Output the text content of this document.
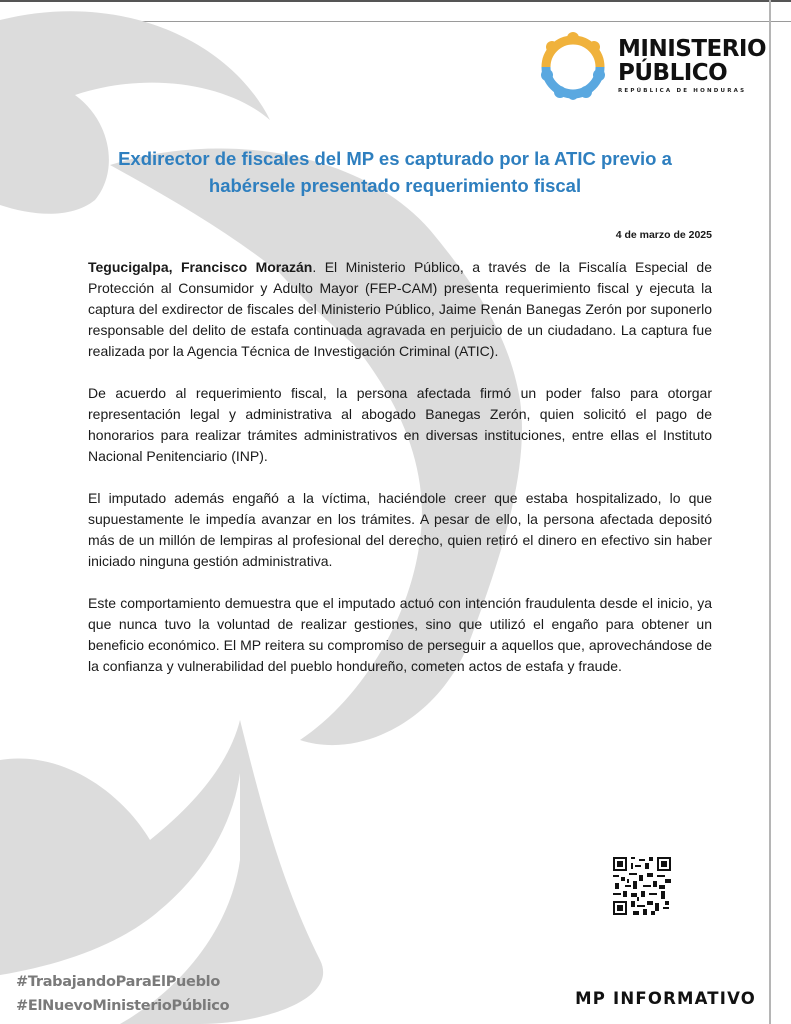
MINISTERIO
PÚBLICO
REPÚBLICA DE HONDURAS
Exdirector de fiscales del MP es capturado por la ATIC previo a habérsele presentado requerimiento fiscal
4 de marzo de 2025

Tegucigalpa, Francisco Morazán. El Ministerio Público, a través de la Fiscalía Especial de Protección al Consumidor y Adulto Mayor (FEP-CAM) presenta requerimiento fiscal y ejecuta la captura del exdirector de fiscales del Ministerio Público, Jaime Renán Banegas Zerón por suponerlo responsable del delito de estafa continuada agravada en perjuicio de un ciudadano. La captura fue realizada por la Agencia Técnica de Investigación Criminal (ATIC).

De acuerdo al requerimiento fiscal, la persona afectada firmó un poder falso para otorgar representación legal y administrativa al abogado Banegas Zerón, quien solicitó el pago de honorarios para realizar trámites administrativos en diversas instituciones, entre ellas el Instituto Nacional Penitenciario (INP).

El imputado además engañó a la víctima, haciéndole creer que estaba hospitalizado, lo que supuestamente le impedía avanzar en los trámites. A pesar de ello, la persona afectada depositó más de un millón de lempiras al profesional del derecho, quien retiró el dinero en efectivo sin haber iniciado ninguna gestión administrativa.

Este comportamiento demuestra que el imputado actuó con intención fraudulenta desde el inicio, ya que nunca tuvo la voluntad de realizar gestiones, sino que utilizó el engaño para obtener un beneficio económico. El MP reitera su compromiso de perseguir a aquellos que, aprovechándose de la confianza y vulnerabilidad del pueblo hondureño, cometen actos de estafa y fraude.

#TrabajandoParaElPueblo
#ElNuevoMinisterioPúblico	MP INFORMATIVO
